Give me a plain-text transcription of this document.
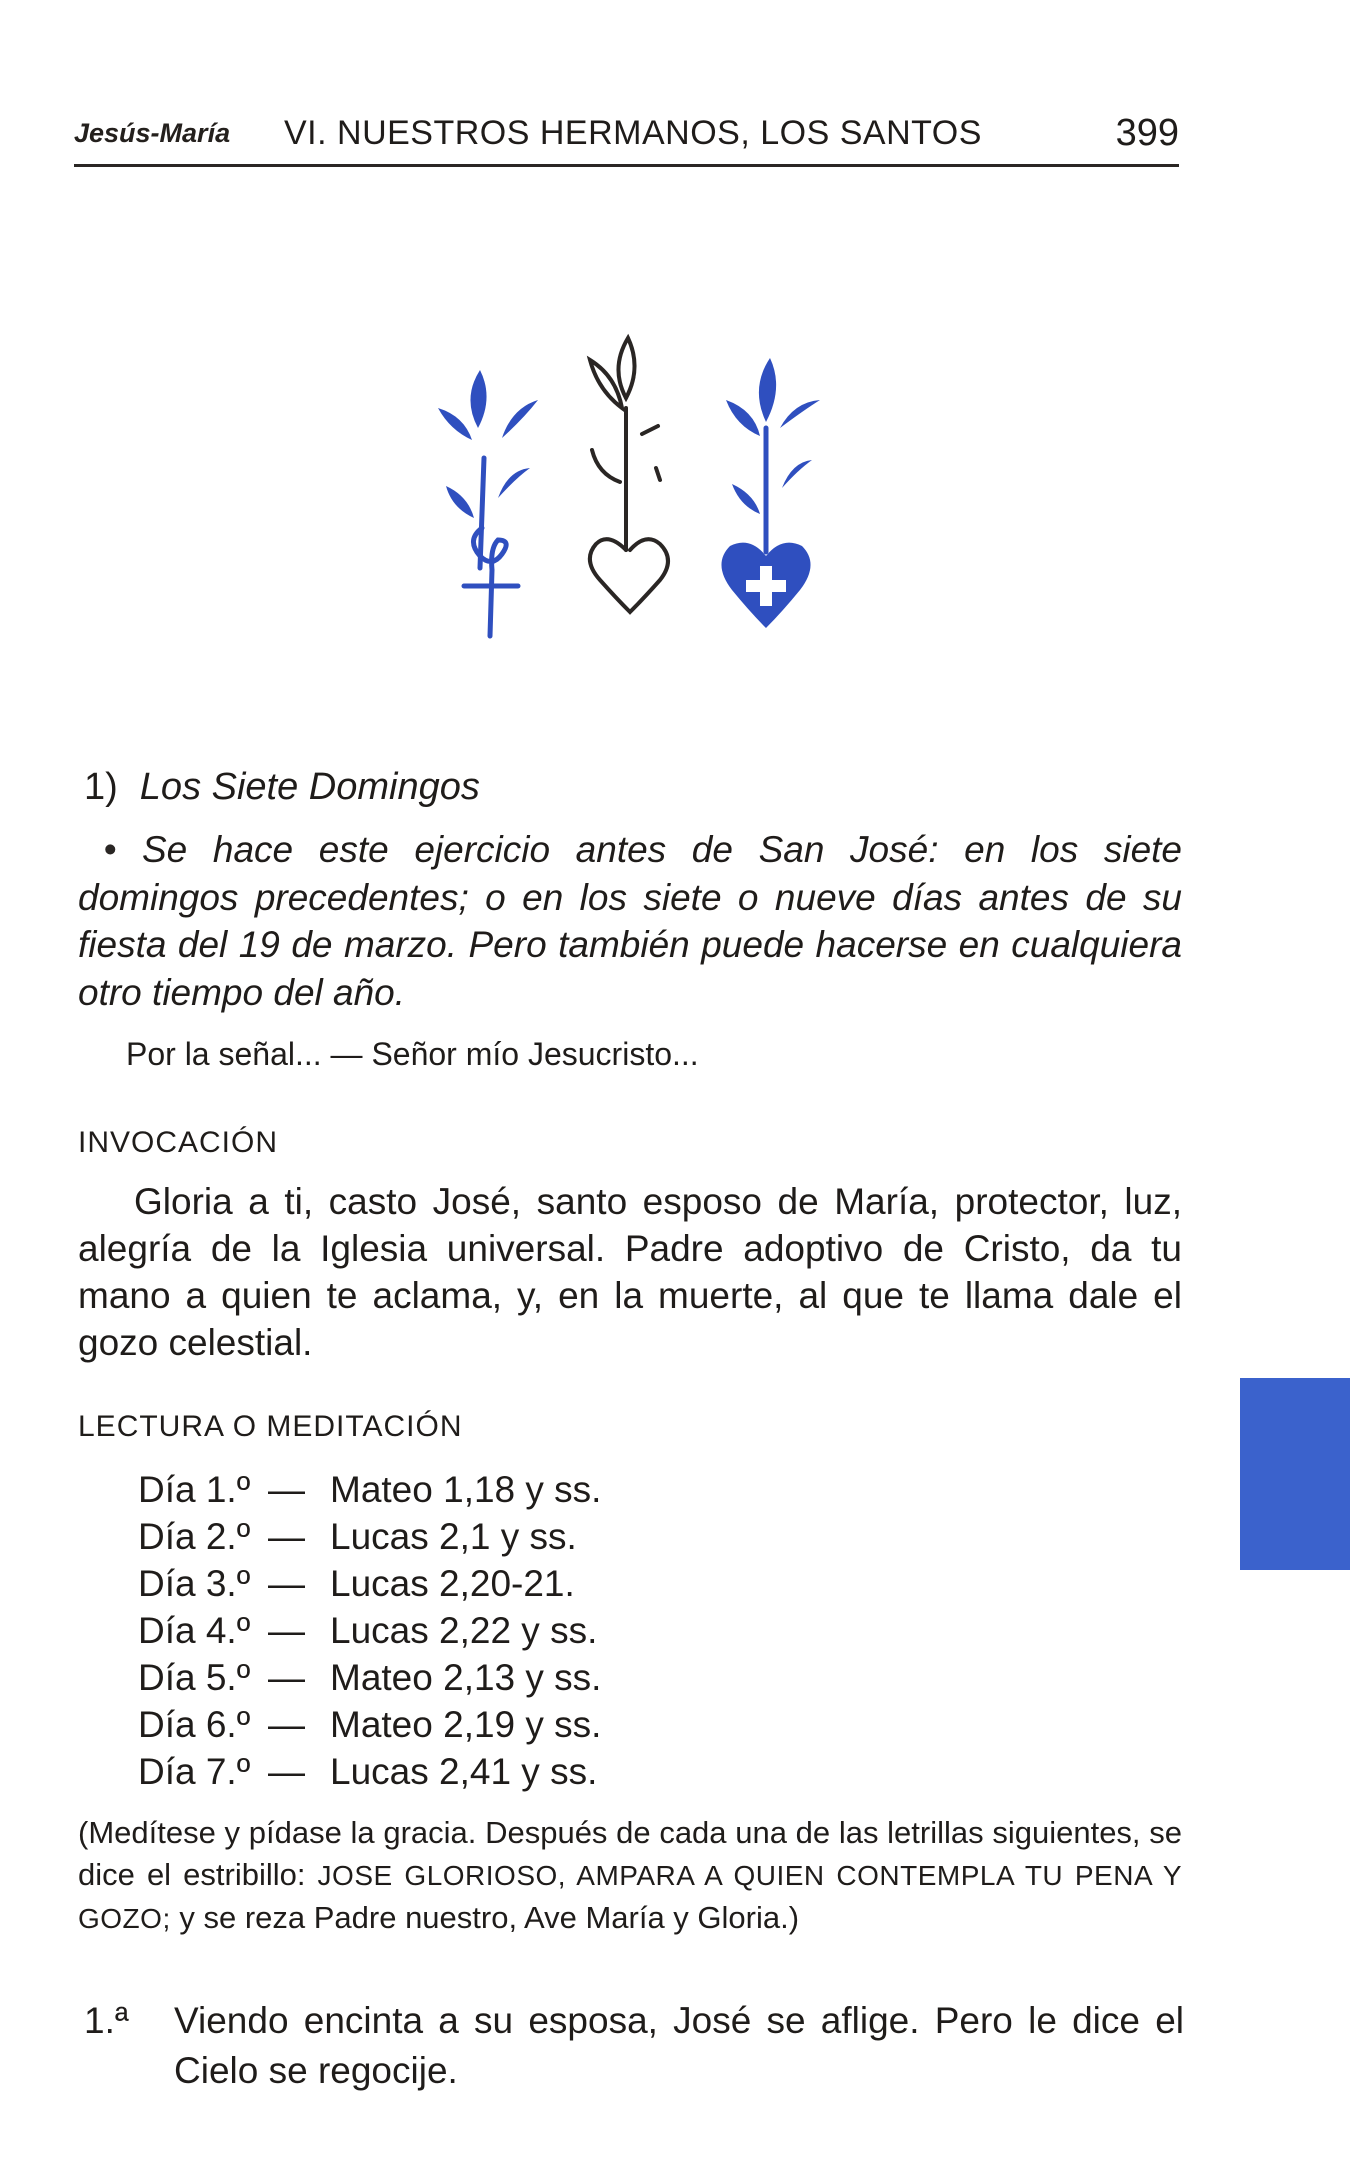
Jesús-María VI. NUESTROS HERMANOS, LOS SANTOS	399
1) Los Siete Domingos
• Se hace este ejercicio antes de San José: en los siete domingos precedentes; o en los siete o nueve días antes de su fiesta del 19 de marzo. Pero también puede hacerse en cualquiera otro tiempo del año.
Por la señal... — Señor mío Jesucristo...
INVOCACIÓN
Gloria a ti, casto José, santo esposo de María, protector, luz, alegría de la Iglesia universal. Padre adoptivo de Cristo, da tu mano a quien te aclama, y, en la muerte, al que te llama dale el gozo celestial.
LECTURA O MEDITACIÓN
Día 1.º — Mateo 1,18 y ss.
Día 2.º — Lucas 2,1 y ss.
Día 3.º — Lucas 2,20-21.
Día 4.º — Lucas 2,22 y ss.
Día 5.º — Mateo 2,13 y ss.
Día 6.º — Mateo 2,19 y ss.
Día 7.º — Lucas 2,41 y ss.
(Medítese y pídase la gracia. Después de cada una de las letrillas siguientes, se dice el estribillo: JOSE GLORIOSO, AMPARA A QUIEN CONTEMPLA TU PENA Y GOZO; y se reza Padre nuestro, Ave María y Gloria.)
1.ª Viendo encinta a su esposa, José se aflige. Pero le dice el Cielo se regocije.
